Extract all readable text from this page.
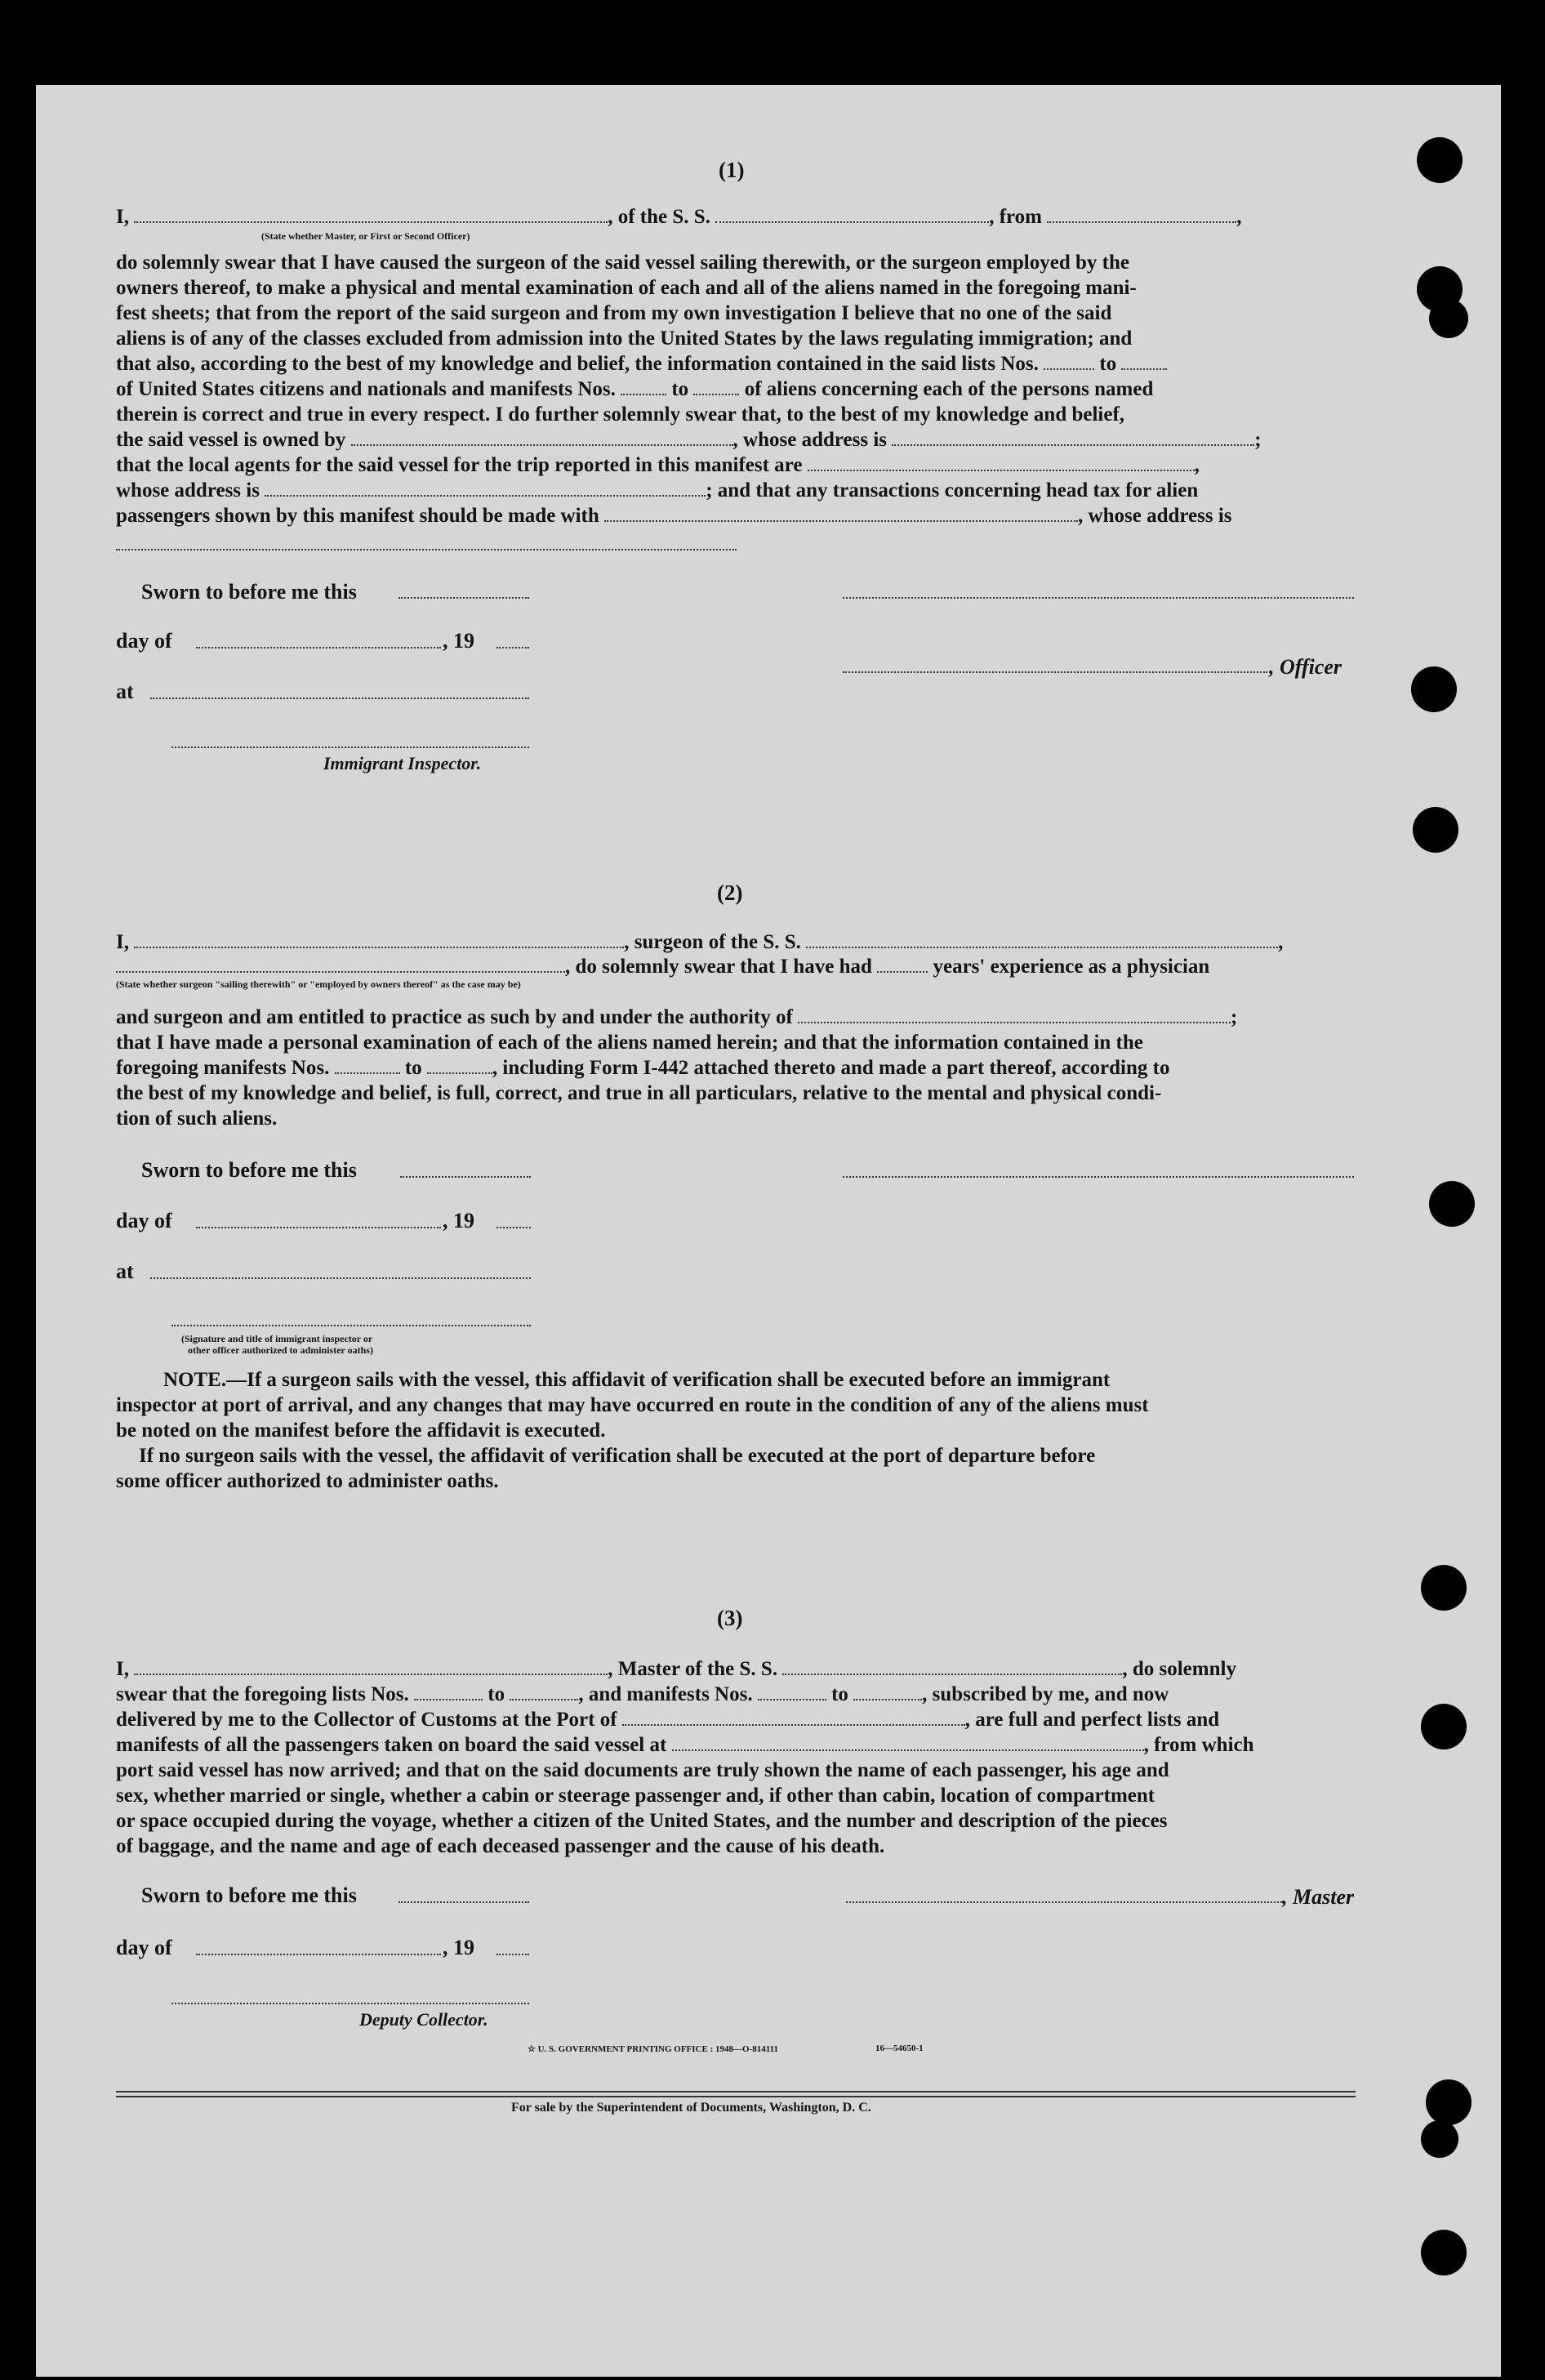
(1)
I,	, of the S. S.	, from	,
(State whether Master, or First or Second Officer)
do solemnly swear that I have caused the surgeon of the said vessel sailing therewith, or the surgeon employed by the
owners thereof, to make a physical and mental examination of each and all of the aliens named in the foregoing mani-
fest sheets; that from the report of the said surgeon and from my own investigation I believe that no one of the said
aliens is of any of the classes excluded from admission into the United States by the laws regulating immigration; and
that also, according to the best of my knowledge and belief, the information contained in the said lists Nos.	to
of United States citizens and nationals and manifests Nos.	to	of aliens concerning each of the persons named
therein is correct and true in every respect. I do further solemnly swear that, to the best of my knowledge and belief,
the said vessel is owned by	, whose address is	;
that the local agents for the said vessel for the trip reported in this manifest are	,
whose address is	; and that any transactions concerning head tax for alien
passengers shown by this manifest should be made with	, whose address is
Sworn to before me this
day of	, 19
, Officer
at
Immigrant Inspector.
(2)
I,	, surgeon of the S. S.	,
, do solemnly swear that I have had	years' experience as a physician
(State whether surgeon "sailing therewith" or "employed by owners thereof" as the case may be)
and surgeon and am entitled to practice as such by and under the authority of	;
that I have made a personal examination of each of the aliens named herein; and that the information contained in the
foregoing manifests Nos.	to	, including Form I-442 attached thereto and made a part thereof, according to
the best of my knowledge and belief, is full, correct, and true in all particulars, relative to the mental and physical condi-
tion of such aliens.
Sworn to before me this
day of	, 19
at
(Signature and title of immigrant inspector or
other officer authorized to administer oaths)
NOTE.—If a surgeon sails with the vessel, this affidavit of verification shall be executed before an immigrant
inspector at port of arrival, and any changes that may have occurred en route in the condition of any of the aliens must
be noted on the manifest before the affidavit is executed.
If no surgeon sails with the vessel, the affidavit of verification shall be executed at the port of departure before
some officer authorized to administer oaths.
(3)
I,	, Master of the S. S.	, do solemnly
swear that the foregoing lists Nos.	to	, and manifests Nos.	to	, subscribed by me, and now
delivered by me to the Collector of Customs at the Port of	, are full and perfect lists and
manifests of all the passengers taken on board the said vessel at	, from which
port said vessel has now arrived; and that on the said documents are truly shown the name of each passenger, his age and
sex, whether married or single, whether a cabin or steerage passenger and, if other than cabin, location of compartment
or space occupied during the voyage, whether a citizen of the United States, and the number and description of the pieces
of baggage, and the name and age of each deceased passenger and the cause of his death.
Sworn to before me this	, Master
day of	, 19
Deputy Collector.
☆ U. S. GOVERNMENT PRINTING OFFICE : 1948—O-814111	16—54650-1
For sale by the Superintendent of Documents, Washington, D. C.
